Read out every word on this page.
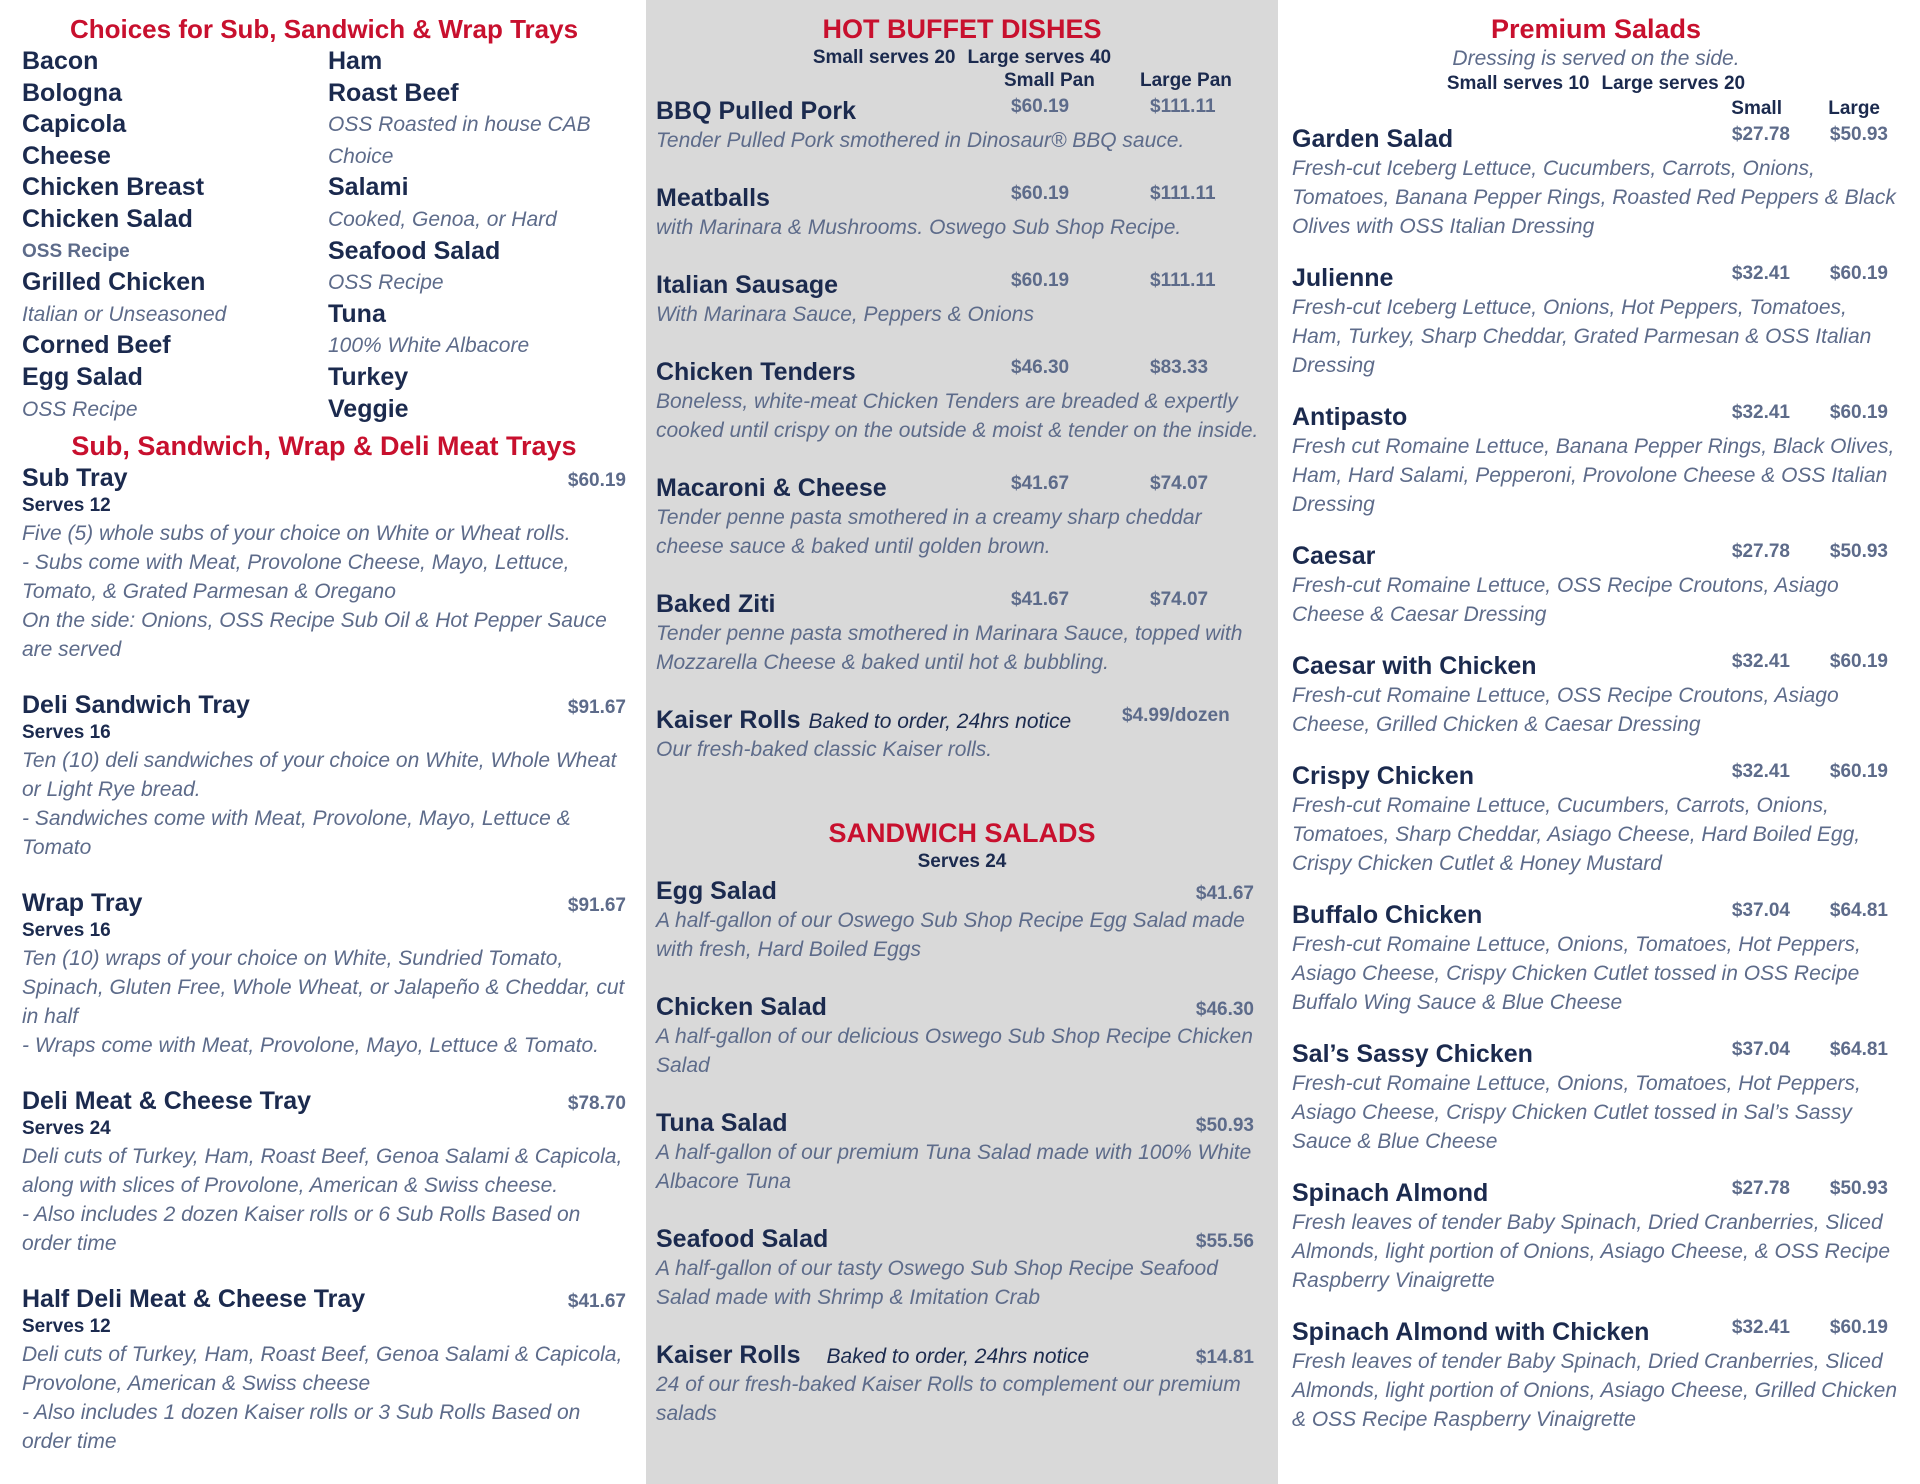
Choices for Sub, Sandwich & Wrap Trays
Bacon
Bologna
Capicola
Cheese
Chicken Breast
Chicken Salad
OSS Recipe
Grilled Chicken
Italian or Unseasoned
Corned Beef
Egg Salad
OSS Recipe
Ham
Roast Beef
OSS Roasted in house CAB
Choice
Salami
Cooked, Genoa, or Hard
Seafood Salad
OSS Recipe
Tuna
100% White Albacore
Turkey
Veggie
Sub, Sandwich, Wrap & Deli Meat Trays
Sub Tray	$60.19
Serves 12
Five (5) whole subs of your choice on White or Wheat rolls.
- Subs come with Meat, Provolone Cheese, Mayo, Lettuce, Tomato, & Grated Parmesan & Oregano
On the side: Onions, OSS Recipe Sub Oil & Hot Pepper Sauce are served
Deli Sandwich Tray	$91.67
Serves 16
Ten (10) deli sandwiches of your choice on White, Whole Wheat or Light Rye bread.
- Sandwiches come with Meat, Provolone, Mayo, Lettuce & Tomato
Wrap Tray	$91.67
Serves 16
Ten (10) wraps of your choice on White, Sundried Tomato, Spinach, Gluten Free, Whole Wheat, or Jalapeño & Cheddar, cut in half
- Wraps come with Meat, Provolone, Mayo, Lettuce & Tomato.
Deli Meat & Cheese Tray	$78.70
Serves 24
Deli cuts of Turkey, Ham, Roast Beef, Genoa Salami & Capicola, along with slices of Provolone, American & Swiss cheese.
- Also includes 2 dozen Kaiser rolls or 6 Sub Rolls Based on order time
Half Deli Meat & Cheese Tray	$41.67
Serves 12
Deli cuts of Turkey, Ham, Roast Beef, Genoa Salami & Capicola, Provolone, American & Swiss cheese
- Also includes 1 dozen Kaiser rolls or 3 Sub Rolls Based on order time
HOT BUFFET DISHES
Small serves 20 Large serves 40
Small Pan Large Pan
BBQ Pulled Pork	$60.19	$111.11
Tender Pulled Pork smothered in Dinosaur® BBQ sauce.
Meatballs	$60.19	$111.11
with Marinara & Mushrooms. Oswego Sub Shop Recipe.
Italian Sausage	$60.19	$111.11
With Marinara Sauce, Peppers & Onions
Chicken Tenders	$46.30	$83.33
Boneless, white-meat Chicken Tenders are breaded & expertly cooked until crispy on the outside & moist & tender on the inside.
Macaroni & Cheese	$41.67	$74.07
Tender penne pasta smothered in a creamy sharp cheddar cheese sauce & baked until golden brown.
Baked Ziti	$41.67	$74.07
Tender penne pasta smothered in Marinara Sauce, topped with Mozzarella Cheese & baked until hot & bubbling.
Kaiser Rolls Baked to order, 24hrs notice	$4.99/dozen
Our fresh-baked classic Kaiser rolls.
SANDWICH SALADS
Serves 24
Egg Salad	$41.67
A half-gallon of our Oswego Sub Shop Recipe Egg Salad made with fresh, Hard Boiled Eggs
Chicken Salad	$46.30
A half-gallon of our delicious Oswego Sub Shop Recipe Chicken Salad
Tuna Salad	$50.93
A half-gallon of our premium Tuna Salad made with 100% White Albacore Tuna
Seafood Salad	$55.56
A half-gallon of our tasty Oswego Sub Shop Recipe Seafood Salad made with Shrimp & Imitation Crab
Kaiser Rolls Baked to order, 24hrs notice	$14.81
24 of our fresh-baked Kaiser Rolls to complement our premium salads
Premium Salads
Dressing is served on the side.
Small serves 10 Large serves 20
Small Large
Garden Salad	$27.78 $50.93
Fresh-cut Iceberg Lettuce, Cucumbers, Carrots, Onions, Tomatoes, Banana Pepper Rings, Roasted Red Peppers & Black Olives with OSS Italian Dressing
Julienne	$32.41 $60.19
Fresh-cut Iceberg Lettuce, Onions, Hot Peppers, Tomatoes, Ham, Turkey, Sharp Cheddar, Grated Parmesan & OSS Italian Dressing
Antipasto	$32.41 $60.19
Fresh cut Romaine Lettuce, Banana Pepper Rings, Black Olives, Ham, Hard Salami, Pepperoni, Provolone Cheese & OSS Italian Dressing
Caesar	$27.78 $50.93
Fresh-cut Romaine Lettuce, OSS Recipe Croutons, Asiago Cheese & Caesar Dressing
Caesar with Chicken	$32.41 $60.19
Fresh-cut Romaine Lettuce, OSS Recipe Croutons, Asiago Cheese, Grilled Chicken & Caesar Dressing
Crispy Chicken	$32.41 $60.19
Fresh-cut Romaine Lettuce, Cucumbers, Carrots, Onions, Tomatoes, Sharp Cheddar, Asiago Cheese, Hard Boiled Egg, Crispy Chicken Cutlet & Honey Mustard
Buffalo Chicken	$37.04 $64.81
Fresh-cut Romaine Lettuce, Onions, Tomatoes, Hot Peppers, Asiago Cheese, Crispy Chicken Cutlet tossed in OSS Recipe Buffalo Wing Sauce & Blue Cheese
Sal’s Sassy Chicken	$37.04 $64.81
Fresh-cut Romaine Lettuce, Onions, Tomatoes, Hot Peppers, Asiago Cheese, Crispy Chicken Cutlet tossed in Sal’s Sassy Sauce & Blue Cheese
Spinach Almond	$27.78 $50.93
Fresh leaves of tender Baby Spinach, Dried Cranberries, Sliced Almonds, light portion of Onions, Asiago Cheese, & OSS Recipe Raspberry Vinaigrette
Spinach Almond with Chicken	$32.41 $60.19
Fresh leaves of tender Baby Spinach, Dried Cranberries, Sliced Almonds, light portion of Onions, Asiago Cheese, Grilled Chicken & OSS Recipe Raspberry Vinaigrette
